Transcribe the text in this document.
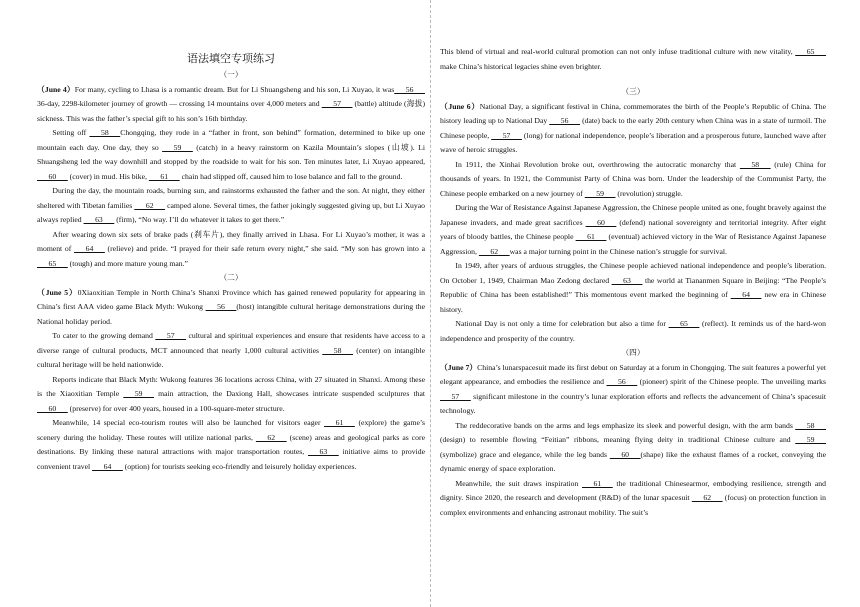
语法填空专项练习
（一）

（June 4）For many, cycling to Lhasa is a romantic dream. But for Li Shuangsheng and his son, Li Xuyao, it was   56   36-day, 2298-kilometer journey of growth — crossing 14 mountains over 4,000 meters and    57    (battle) altitude (海拔) sickness. This was the father’s special gift to his son’s 16th birthday.

Setting off    58   Chongqing, they rode in a “father in front, son behind” formation, determined to bike up one mountain each day. One day, they so    59    (catch) in a heavy rainstorm on Kazila Mountain’s slopes (山坡). Li Shuangsheng led the way downhill and stopped by the roadside to wait for his son. Ten minutes later, Li Xuyao appeared,    60    (cover) in mud. His bike,    61    chain had slipped off, caused him to lose balance and fall to the ground.

During the day, the mountain roads, burning sun, and rainstorms exhausted the father and the son. At night, they either sheltered with Tibetan families    62    camped alone. Several times, the father jokingly suggested giving up, but Li Xuyao always replied    63    (firm), “No way. I’ll do whatever it takes to get there.”

After wearing down six sets of brake pads (刹车片), they finally arrived in Lhasa. For Li Xuyao’s mother, it was a moment of    64    (relieve) and pride. “I prayed for their safe return every night,” she said. “My son has grown into a    65    (tough) and more mature young man.”

（二）

（June 5）0Xiaoxitian Temple in North China’s Shanxi Province which has gained renewed popularity for appearing in China’s first AAA video game Black Myth: Wukong    56   (host) intangible cultural heritage demonstrations during the National holiday period.

To cater to the growing demand    57    cultural and spiritual experiences and ensure that residents have access to a diverse range of cultural products, MCT announced that nearly 1,000 cultural activities    58    (center) on intangible cultural heritage will be held nationwide.

Reports indicate that Black Myth: Wukong features 36 locations across China, with 27 situated in Shanxi. Among these is the Xiaoxitian Temple    59    main attraction, the Daxiong Hall, showcases intricate suspended sculptures that    60    (preserve) for over 400 years, housed in a 100-square-meter structure.

Meanwhile, 14 special eco-tourism routes will also be launched for visitors eager    61    (explore) the game’s scenery during the holiday. These routes will utilize national parks,    62    (scene) areas and geological parks as core destinations. By linking these natural attractions with major transportation routes,    63    initiative aims to provide convenient travel    64    (option) for tourists seeking eco-friendly and leisurely holiday experiences.

This blend of virtual and real-world cultural promotion can not only infuse traditional culture with new vitality,    65    make China’s historical legacies shine even brighter.

（三）

（June 6）National Day, a significant festival in China, commemorates the birth of the People’s Republic of China. The history leading up to National Day    56    (date) back to the early 20th century when China was in a state of turmoil. The Chinese people,    57    (long) for national independence, people’s liberation and a prosperous future, launched wave after wave of heroic struggles.

In 1911, the Xinhai Revolution broke out, overthrowing the autocratic monarchy that    58    (rule) China for thousands of years. In 1921, the Communist Party of China was born. Under the leadership of the Communist Party, the Chinese people embarked on a new journey of    59    (revolution) struggle.

During the War of Resistance Against Japanese Aggression, the Chinese people united as one, fought bravely against the Japanese invaders, and made great sacrifices    60    (defend) national sovereignty and territorial integrity. After eight years of bloody battles, the Chinese people    61    (eventual) achieved victory in the War of Resistance Against Japanese Aggression,    62   was a major turning point in the Chinese nation’s struggle for survival.

In 1949, after years of arduous struggles, the Chinese people achieved national independence and people’s liberation. On October 1, 1949, Chairman Mao Zedong declared    63    the world at Tiananmen Square in Beijing: “The People’s Republic of China has been established!” This momentous event marked the beginning of    64    new era in Chinese history.

National Day is not only a time for celebration but also a time for    65    (reflect). It reminds us of the hard-won independence and prosperity of the country.

（四）

（June 7）China’s lunarspacesuit made its first debut on Saturday at a forum in Chongqing. The suit features a powerful yet elegant appearance, and embodies the resilience and    56    (pioneer) spirit of the Chinese people. The unveiling marks    57    significant milestone in the country’s lunar exploration efforts and reflects the advancement of China’s spacesuit technology.

The reddecorative bands on the arms and legs emphasize its sleek and powerful design, with the arm bands    58    (design) to resemble flowing “Feitian” ribbons, meaning flying deity in traditional Chinese culture and    59    (symbolize) grace and elegance, while the leg bands    60   (shape) like the exhaust flames of a rocket, conveying the dynamic energy of space exploration.

Meanwhile, the suit draws inspiration    61    the traditional Chinesearmor, embodying resilience, strength and dignity. Since 2020, the research and development (R&D) of the lunar spacesuit    62    (focus) on protection function in complex environments and enhancing astronaut mobility. The suit’s
